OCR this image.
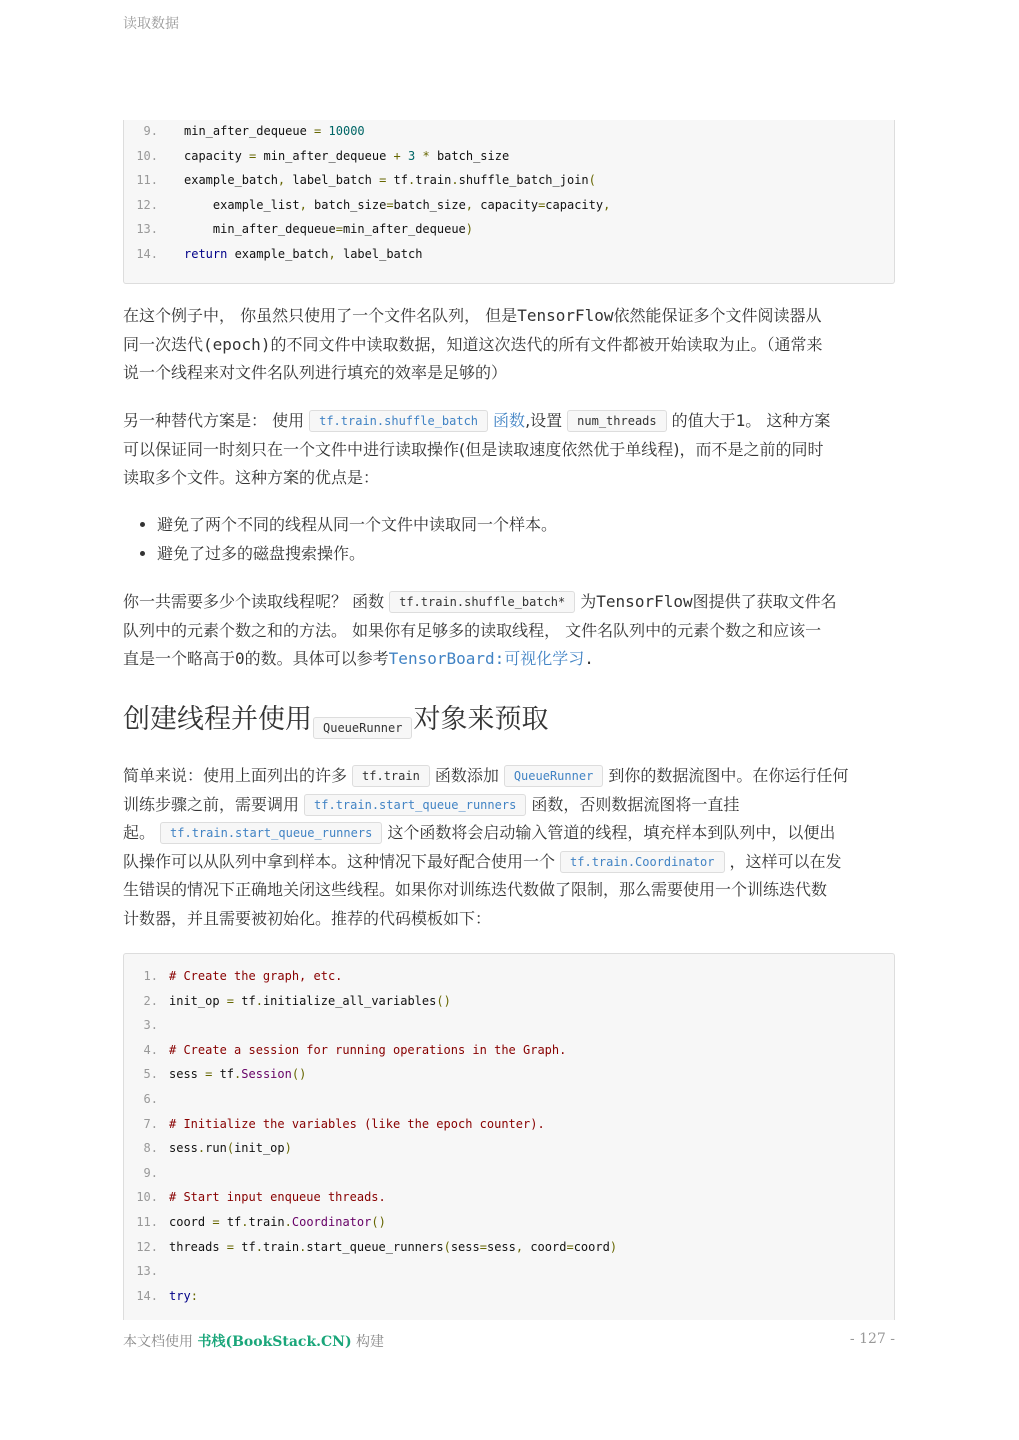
读取数据
9. min_after_dequeue = 10000
10. capacity = min_after_dequeue + 3 * batch_size
11. example_batch, label_batch = tf.train.shuffle_batch_join(
12.    example_list, batch_size=batch_size, capacity=capacity,
13.    min_after_dequeue=min_after_dequeue)
14. return example_batch, label_batch
在这个例子中， 你虽然只使用了一个文件名队列， 但是TensorFlow依然能保证多个文件阅读器从
同一次迭代(epoch)的不同文件中读取数据，知道这次迭代的所有文件都被开始读取为止。（通常来
说一个线程来对文件名队列进行填充的效率是足够的）
另一种替代方案是： 使用 tf.train.shuffle_batch 函数,设置 num_threads 的值大于1。 这种方案
可以保证同一时刻只在一个文件中进行读取操作(但是读取速度依然优于单线程)，而不是之前的同时
读取多个文件。这种方案的优点是：
• 避免了两个不同的线程从同一个文件中读取同一个样本。
• 避免了过多的磁盘搜索操作。
你一共需要多少个读取线程呢？ 函数 tf.train.shuffle_batch* 为TensorFlow图提供了获取文件名
队列中的元素个数之和的方法。 如果你有足够多的读取线程， 文件名队列中的元素个数之和应该一
直是一个略高于0的数。具体可以参考TensorBoard:可视化学习.
创建线程并使用 QueueRunner 对象来预取
简单来说：使用上面列出的许多 tf.train 函数添加 QueueRunner 到你的数据流图中。在你运行任何
训练步骤之前，需要调用 tf.train.start_queue_runners 函数，否则数据流图将一直挂
起。 tf.train.start_queue_runners 这个函数将会启动输入管道的线程，填充样本到队列中，以便出
队操作可以从队列中拿到样本。这种情况下最好配合使用一个 tf.train.Coordinator ，这样可以在发
生错误的情况下正确地关闭这些线程。如果你对训练迭代数做了限制，那么需要使用一个训练迭代数
计数器，并且需要被初始化。推荐的代码模板如下：
1. # Create the graph, etc.
2. init_op = tf.initialize_all_variables()
3.
4. # Create a session for running operations in the Graph.
5. sess = tf.Session()
6.
7. # Initialize the variables (like the epoch counter).
8. sess.run(init_op)
9.
10. # Start input enqueue threads.
11. coord = tf.train.Coordinator()
12. threads = tf.train.start_queue_runners(sess=sess, coord=coord)
13.
14. try:
本文档使用 书栈(BookStack.CN) 构建	- 127 -
